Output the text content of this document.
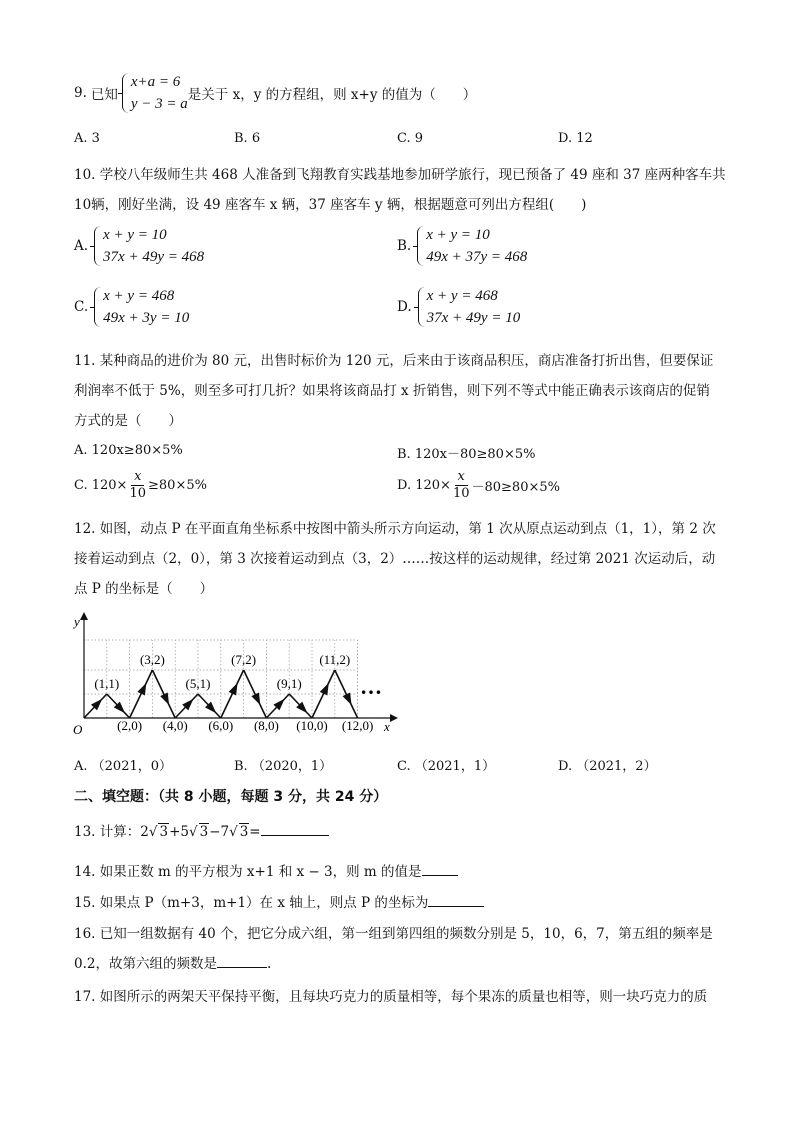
9. 已知
x+a = 6
y − 3 = a
是关于 x，y 的方程组，则 x+y 的值为（　　）
A. 3	B. 6	C. 9	D. 12
10. 学校八年级师生共 468 人准备到飞翔教育实践基地参加研学旅行，现已预备了 49 座和 37 座两种客车共
10辆，刚好坐满，设 49 座客车 x 辆，37 座客车 y 辆，根据题意可列出方程组(　　)
A.
x + y = 10
37x + 49y = 468
B.
x + y = 10
49x + 37y = 468
C.
x + y = 468
49x + 3y = 10
D.
x + y = 468
37x + 49y = 10
11. 某种商品的进价为 80 元，出售时标价为 120 元，后来由于该商品积压，商店准备打折出售，但要保证
利润率不低于 5%，则至多可打几折？如果将该商品打 x 折销售，则下列不等式中能正确表示该商店的促销
方式的是（　　）
A. 120x≥80×5%	B. 120x－80≥80×5%
C. $120\times \frac{x}{10} \ge 80\times 5\%$	D. $120\times \frac{x}{10} -80\ge 80\times 5\%$
12. 如图，动点 P 在平面直角坐标系中按图中箭头所示方向运动，第 1 次从原点运动到点（1，1），第 2 次
接着运动到点（2，0），第 3 次接着运动到点（3，2）……按这样的运动规律，经过第 2021 次运动后，动
点 P 的坐标是（　　）
x
y
O
(1,1)
(2,0)
(3,2)
(4,0)
(5,1)
(6,0)
(7,2)
(8,0)
(9,1)
(10,0)
(11,2)
(12,0)
…
A. （2021，0）	B. （2020，1）	C. （2021，1）	D. （2021，2）
二、填空题：（共 8 小题，每题 3 分，共 24 分）
13. 计算： 2 √ 3 +5 √ 3 −7 √ 3 =
14. 如果正数 m 的平方根为 x+1 和 x − 3，则 m 的值是
15. 如果点 P（m+3，m+1）在 x 轴上，则点 P 的坐标为
16. 已知一组数据有 40 个，把它分成六组，第一组到第四组的频数分别是 5，10，6，7，第五组的频率是
0.2，故第六组的频数是	.
17. 如图所示的两架天平保持平衡，且每块巧克力的质量相等，每个果冻的质量也相等，则一块巧克力的质
